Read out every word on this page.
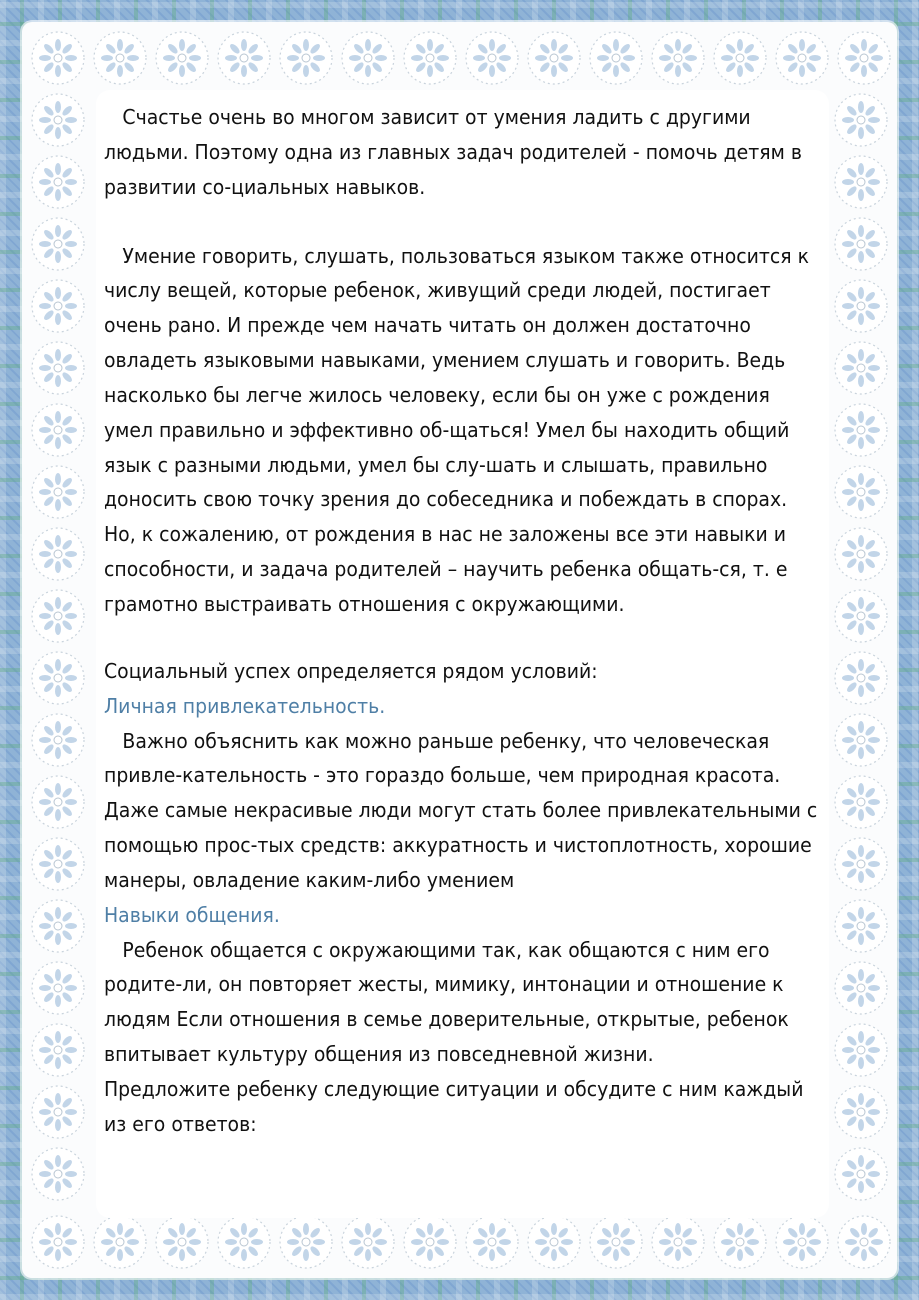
Счастье очень во многом зависит от умения ладить с другими людьми. Поэтому одна из главных задач родителей - помочь детям в развитии со-циальных навыков.

Умение говорить, слушать, пользоваться языком также относится к числу вещей, которые ребенок, живущий среди людей, постигает очень рано. И прежде чем начать читать он должен достаточно овладеть языковыми навыками, умением слушать и говорить. Ведь насколько бы легче жилось человеку, если бы он уже с рождения умел правильно и эффективно об-щаться! Умел бы находить общий язык с разными людьми, умел бы слу-шать и слышать, правильно доносить свою точку зрения до собеседника и побеждать в спорах. Но, к сожалению, от рождения в нас не заложены все эти навыки и способности, и задача родителей – научить ребенка общать-ся, т. е грамотно выстраивать отношения с окружающими.

Социальный успех определяется рядом условий:

Личная привлекательность.

Важно объяснить как можно раньше ребенку, что человеческая привле-кательность - это гораздо больше, чем природная красота. Даже самые некрасивые люди могут стать более привлекательными с помощью прос-тых средств: аккуратность и чистоплотность, хорошие манеры, овладение каким-либо умением

Навыки общения.

Ребенок общается с окружающими так, как общаются с ним его родите-ли, он повторяет жесты, мимику, интонации и отношение к людям Если отношения в семье доверительные, открытые, ребенок впитывает культуру общения из повседневной жизни.

Предложите ребенку следующие ситуации и обсудите с ним каждый из его ответов:
